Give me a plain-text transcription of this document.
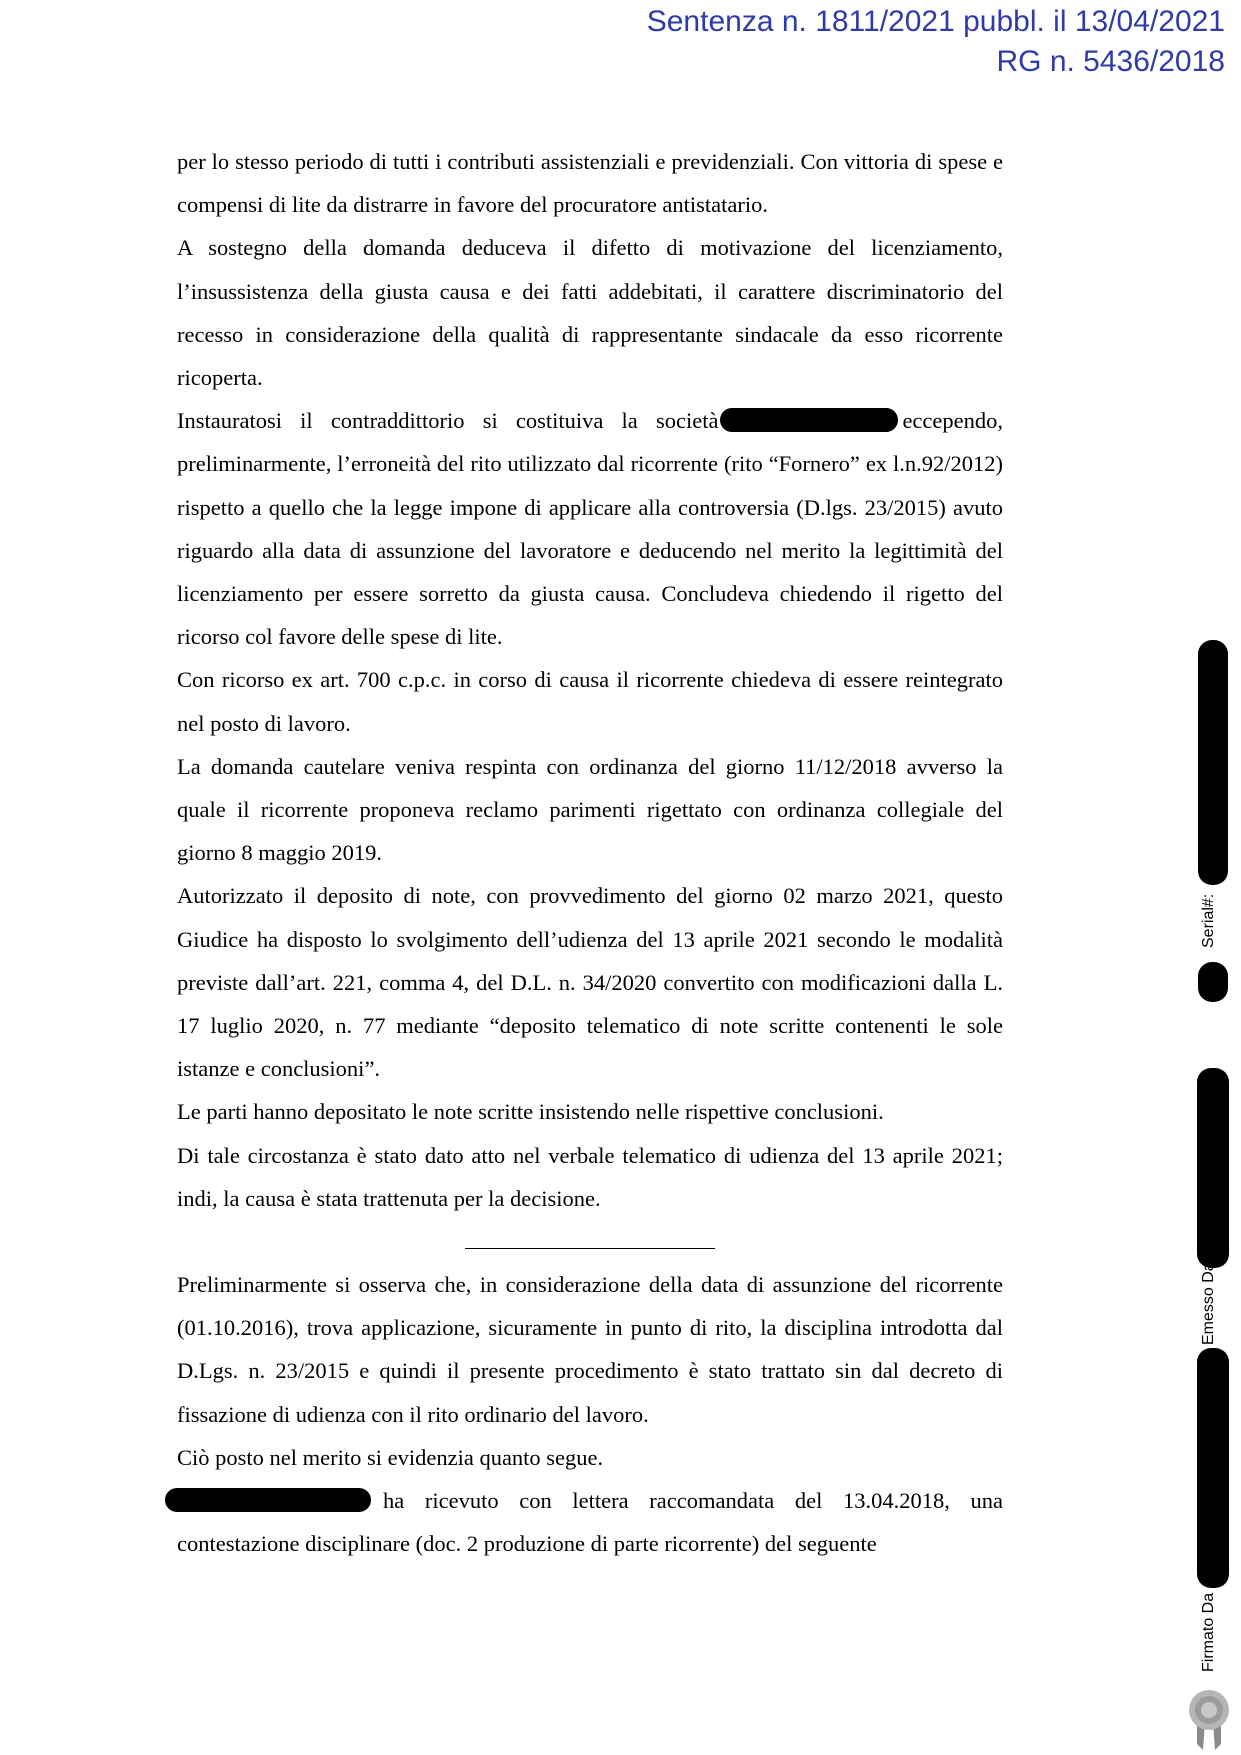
Sentenza n. 1811/2021 pubbl. il 13/04/2021
RG n. 5436/2018

per lo stesso periodo di tutti i contributi assistenziali e previdenziali. Con vittoria di spese e compensi di lite da distrarre in favore del procuratore antistatario.

A sostegno della domanda deduceva il difetto di motivazione del licenziamento, l’insussistenza della giusta causa e dei fatti addebitati, il carattere discriminatorio del recesso in considerazione della qualità di rappresentante sindacale da esso ricorrente ricoperta.

Instauratosi il contraddittorio si costituiva la società	eccependo, preliminarmente, l’erroneità del rito utilizzato dal ricorrente (rito “Fornero” ex l.n.92/2012) rispetto a quello che la legge impone di applicare alla controversia (D.lgs. 23/2015) avuto riguardo alla data di assunzione del lavoratore e deducendo nel merito la legittimità del licenziamento per essere sorretto da giusta causa. Concludeva chiedendo il rigetto del ricorso col favore delle spese di lite.

Con ricorso ex art. 700 c.p.c. in corso di causa il ricorrente chiedeva di essere reintegrato nel posto di lavoro.

La domanda cautelare veniva respinta con ordinanza del giorno 11/12/2018 avverso la quale il ricorrente proponeva reclamo parimenti rigettato con ordinanza collegiale del giorno 8 maggio 2019.

Autorizzato il deposito di note, con provvedimento del giorno 02 marzo 2021, questo Giudice ha disposto lo svolgimento dell’udienza del 13 aprile 2021 secondo le modalità previste dall’art. 221, comma 4, del D.L. n. 34/2020 convertito con modificazioni dalla L. 17 luglio 2020, n. 77 mediante “deposito telematico di note scritte contenenti le sole istanze e conclusioni”.

Le parti hanno depositato le note scritte insistendo nelle rispettive conclusioni.

Di tale circostanza è stato dato atto nel verbale telematico di udienza del 13 aprile 2021; indi, la causa è stata trattenuta per la decisione.

Preliminarmente si osserva che, in considerazione della data di assunzione del ricorrente (01.10.2016), trova applicazione, sicuramente in punto di rito, la disciplina introdotta dal D.Lgs. n. 23/2015 e quindi il presente procedimento è stato trattato sin dal decreto di fissazione di udienza con il rito ordinario del lavoro.

Ciò posto nel merito si evidenzia quanto segue.

ha ricevuto con lettera raccomandata del 13.04.2018, una contestazione disciplinare (doc. 2 produzione di parte ricorrente) del seguente

Serial#:
Emesso Da
Firmato Da
